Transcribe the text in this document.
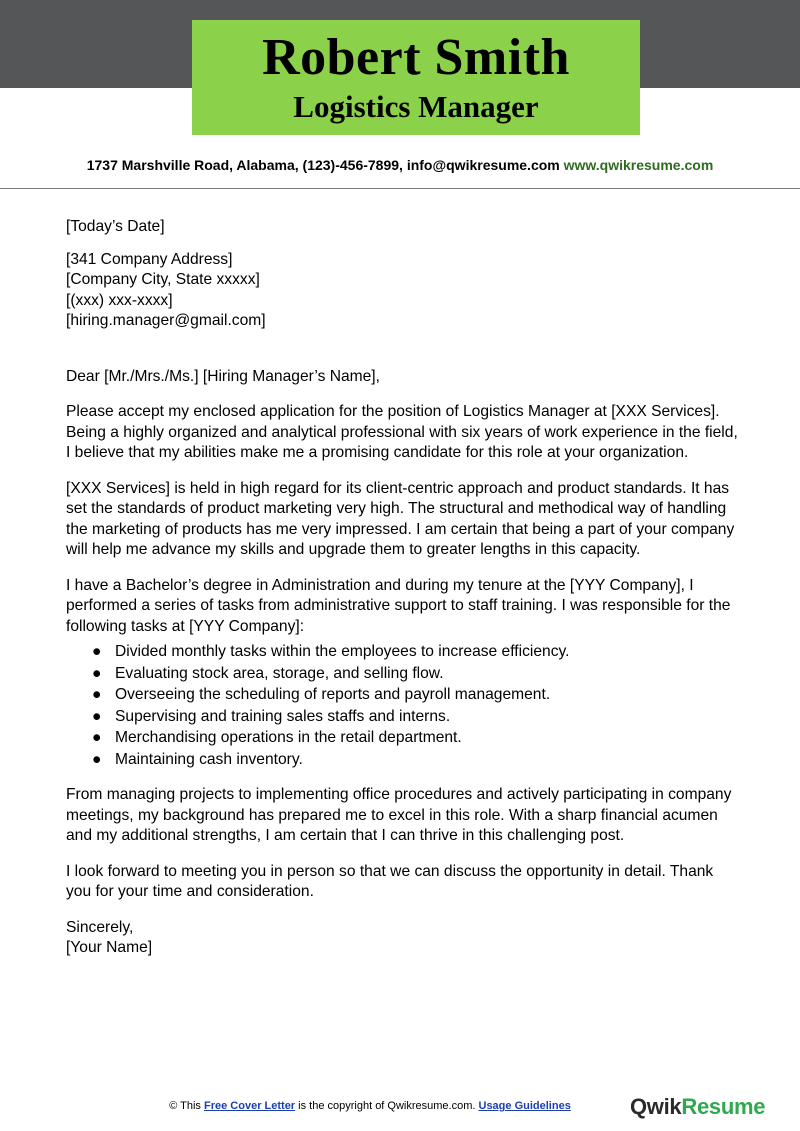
Robert Smith
Logistics Manager
1737 Marshville Road, Alabama, (123)-456-7899, info@qwikresume.com www.qwikresume.com

[Today’s Date]

[341 Company Address]

[Company City, State xxxxx]

[(xxx) xxx-xxxx]

[hiring.manager@gmail.com]

Dear [Mr./Mrs./Ms.] [Hiring Manager’s Name],

Please accept my enclosed application for the position of Logistics Manager at [XXX Services]. Being a highly organized and analytical professional with six years of work experience in the field, I believe that my abilities make me a promising candidate for this role at your organization.

[XXX Services] is held in high regard for its client-centric approach and product standards. It has set the standards of product marketing very high. The structural and methodical way of handling the marketing of products has me very impressed. I am certain that being a part of your company will help me advance my skills and upgrade them to greater lengths in this capacity.

I have a Bachelor’s degree in Administration and during my tenure at the [YYY Company], I performed a series of tasks from administrative support to staff training. I was responsible for the following tasks at [YYY Company]:

● Divided monthly tasks within the employees to increase efficiency.
● Evaluating stock area, storage, and selling flow.
● Overseeing the scheduling of reports and payroll management.
● Supervising and training sales staffs and interns.
● Merchandising operations in the retail department.
● Maintaining cash inventory.

From managing projects to implementing office procedures and actively participating in company meetings, my background has prepared me to excel in this role. With a sharp financial acumen and my additional strengths, I am certain that I can thrive in this challenging post.

I look forward to meeting you in person so that we can discuss the opportunity in detail. Thank you for your time and consideration.

Sincerely,

[Your Name]

© This Free Cover Letter is the copyright of Qwikresume.com. Usage Guidelines	QwikResume
